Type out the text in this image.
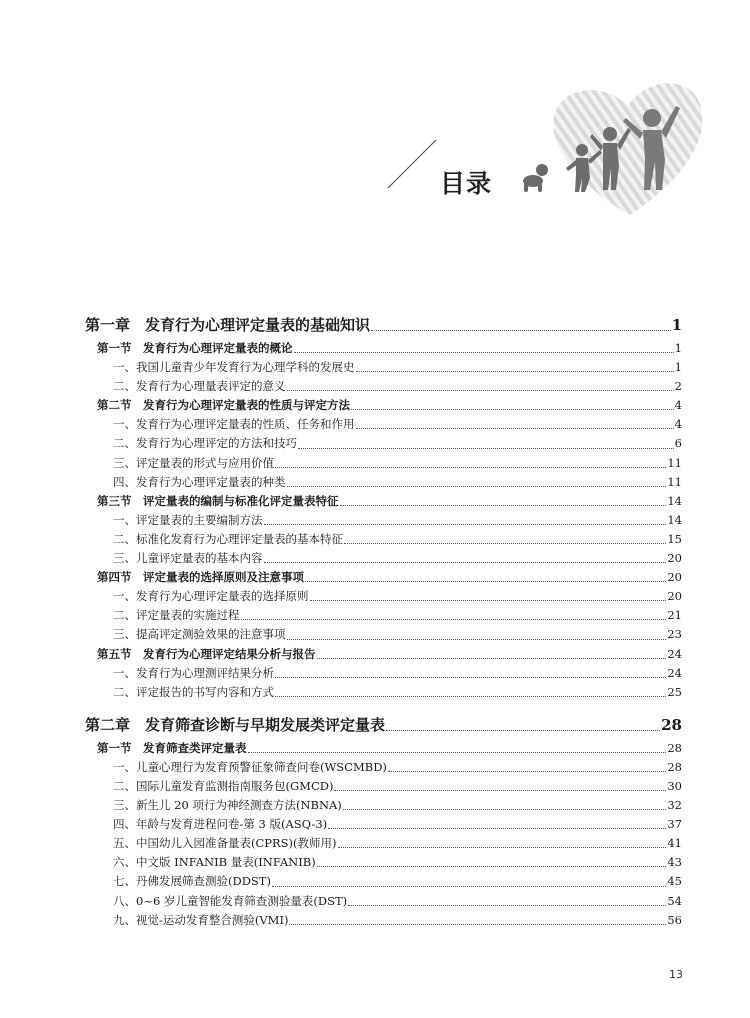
目录
第一章　发育行为心理评定量表的基础知识	1
第一节　发育行为心理评定量表的概论	1
一、我国儿童青少年发育行为心理学科的发展史	1
二、发育行为心理量表评定的意义	2
第二节　发育行为心理评定量表的性质与评定方法	4
一、发育行为心理评定量表的性质、任务和作用	4
二、发育行为心理评定的方法和技巧	6
三、评定量表的形式与应用价值	11
四、发育行为心理评定量表的种类	11
第三节　评定量表的编制与标准化评定量表特征	14
一、评定量表的主要编制方法	14
二、标准化发育行为心理评定量表的基本特征	15
三、儿童评定量表的基本内容	20
第四节　评定量表的选择原则及注意事项	20
一、发育行为心理评定量表的选择原则	20
二、评定量表的实施过程	21
三、提高评定测验效果的注意事项	23
第五节　发育行为心理评定结果分析与报告	24
一、发育行为心理测评结果分析	24
二、评定报告的书写内容和方式	25
第二章　发育筛查诊断与早期发展类评定量表	28
第一节　发育筛查类评定量表	28
一、儿童心理行为发育预警征象筛查问卷(WSCMBD)	28
二、国际儿童发育监测指南服务包(GMCD)	30
三、新生儿 20 项行为神经测查方法(NBNA)	32
四、年龄与发育进程问卷-第 3 版(ASQ-3)	37
五、中国幼儿入园准备量表(CPRS)(教师用)	41
六、中文版 INFANIB 量表(INFANIB)	43
七、丹佛发展筛查测验(DDST)	45
八、0~6 岁儿童智能发育筛查测验量表(DST)	54
九、视觉-运动发育整合测验(VMI)	56
13
